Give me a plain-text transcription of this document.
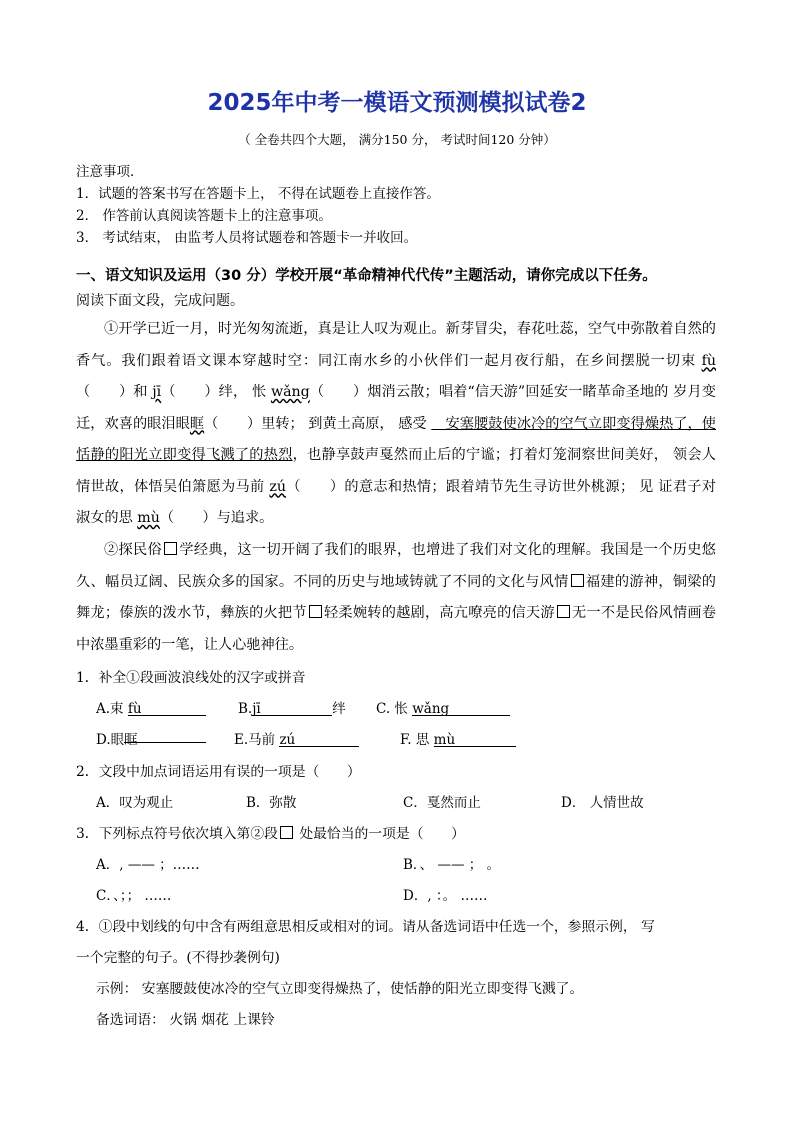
2025年中考一模语文预测模拟试卷2
（ 全卷共四个大题， 满分150 分， 考试时间120 分钟）
注意事项．
1．试题的答案书写在答题卡上， 不得在试题卷上直接作答。
2． 作答前认真阅读答题卡上的注意事项。
3． 考试结束， 由监考人员将试题卷和答题卡一并收回。
一、语文知识及运用（30 分）学校开展“革命精神代代传”主题活动，请你完成以下任务。
阅读下面文段，完成问题。
①开学已近一月，时光匆匆流逝，真是让人叹为观止。新芽冒尖，春花吐蕊，空气中弥散着自然的香气。我们跟着语文课本穿越时空：同江南水乡的小伙伴们一起月夜行船，在乡间摆脱一切束 fù（　　）和 jī（　　）绊， 怅 wǎng（　　）烟消云散；唱着“信天游”回延安一睹革命圣地的 岁月变迁，欢喜的眼泪眼眶（　　）里转； 到黄土高原， 感受 　安塞腰鼓使冰冷的空气立即变得燥热了，使恬静的阳光立即变得飞溅了的热烈，也静享鼓声戛然而止后的宁谧；打着灯笼洞察世间美好， 领会人情世故，体悟吴伯箫愿为马前 zú（　　）的意志和热情；跟着靖节先生寻访世外桃源； 见 证君子对淑女的思 mù（　　）与追求。
②探民俗 学经典，这一切开阔了我们的眼界，也增进了我们对文化的理解。我国是一个历史悠久、幅员辽阔、民族众多的国家。不同的历史与地域铸就了不同的文化与风情 福建的游神，铜梁的舞龙；傣族的泼水节，彝族的火把节 轻柔婉转的越剧，高亢嘹亮的信天游 无一不是民俗风情画卷中浓墨重彩的一笔，让人心驰神往。
1．补全①段画波浪线处的汉字或拼音
A.束 fù	B.jī	绊 C. 怅 wǎng
D.眼眶	E.马前 zú	F. 思 mù
2．文段中加点词语运用有误的一项是（　　）
A．叹为观止	B．弥散	C．戛然而止	D． 人情世故
3．下列标点符号依次填入第②段 处最恰当的一项是（　　）
A．, —— ；……	B．、 —— ； 。
C．、；； ……	D．, ：。 ……
4．①段中划线的句中含有两组意思相反或相对的词。请从备选词语中任选一个，参照示例， 写
一个完整的句子。(不得抄袭例句)
示例： 安塞腰鼓使冰冷的空气立即变得燥热了，使恬静的阳光立即变得飞溅了。
备选词语： 火锅 烟花 上课铃
